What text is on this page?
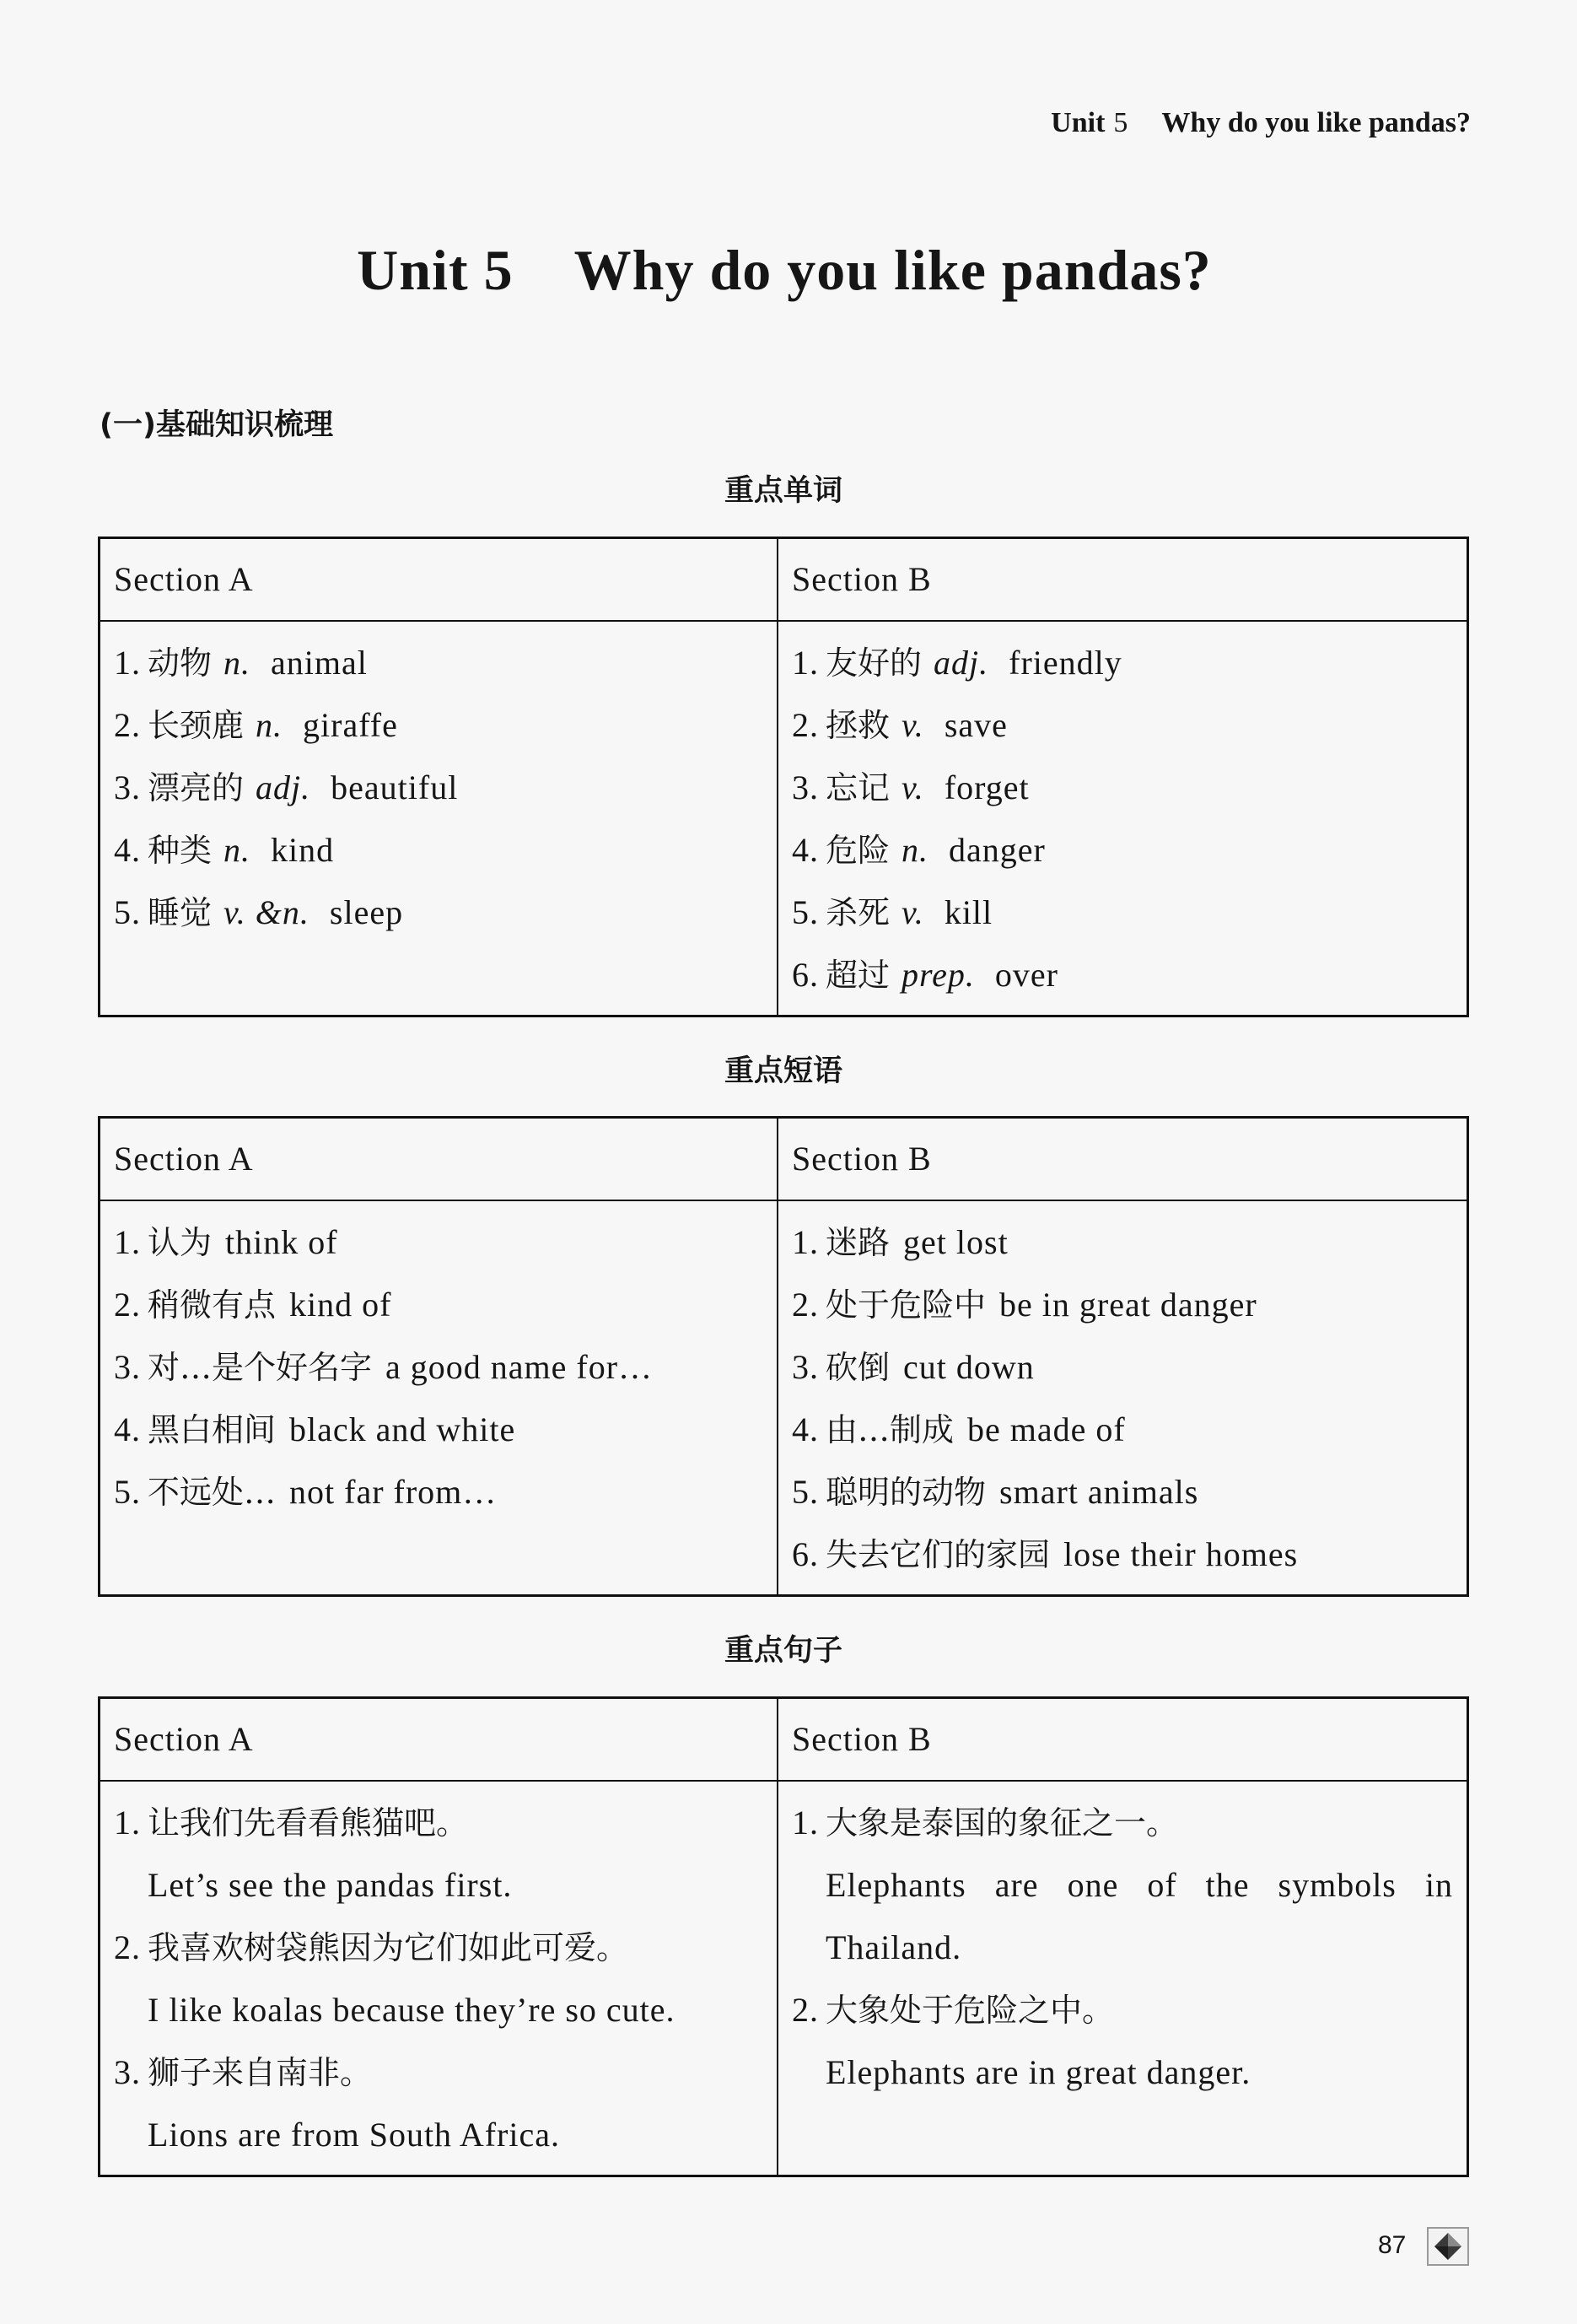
Unit 5 Why do you like pandas?
Unit 5 Why do you like pandas?
(一)基础知识梳理
重点单词
Section A	Section B
1. 动物 n. animal
2. 长颈鹿 n. giraffe
3. 漂亮的 adj. beautiful
4. 种类 n. kind
5. 睡觉 v. &n. sleep
1. 友好的 adj. friendly
2. 拯救 v. save
3. 忘记 v. forget
4. 危险 n. danger
5. 杀死 v. kill
6. 超过 prep. over
重点短语
Section A	Section B
1. 认为 think of
2. 稍微有点 kind of
3. 对…是个好名字 a good name for…
4. 黑白相间 black and white
5. 不远处… not far from…
1. 迷路 get lost
2. 处于危险中 be in great danger
3. 砍倒 cut down
4. 由…制成 be made of
5. 聪明的动物 smart animals
6. 失去它们的家园 lose their homes
重点句子
Section A	Section B
1. 让我们先看看熊猫吧。
Let’s see the pandas first.
2. 我喜欢树袋熊因为它们如此可爱。
I like koalas because they’re so cute.
3. 狮子来自南非。
Lions are from South Africa.
1. 大象是泰国的象征之一。
Elephants are one of the symbols in Thailand.
2. 大象处于危险之中。
Elephants are in great danger.
87
